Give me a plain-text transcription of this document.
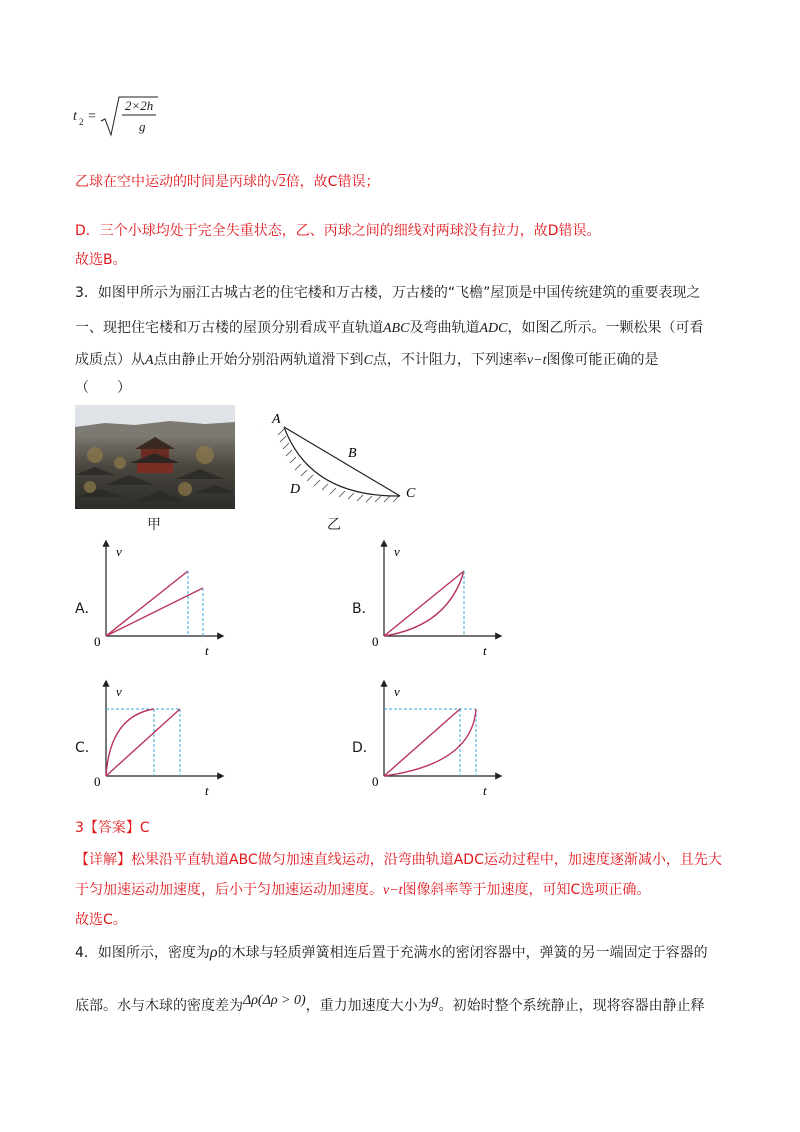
t 2 =
2×2h
g
乙球在空中运动的时间是丙球的√2倍，故C错误；
D．三个小球均处于完全失重状态，乙、丙球之间的细线对两球没有拉力，故D错误。
故选B。
3．如图甲所示为丽江古城古老的住宅楼和万古楼，万古楼的“飞檐”屋顶是中国传统建筑的重要表现之
一、现把住宅楼和万古楼的屋顶分别看成平直轨道ABC及弯曲轨道ADC，如图乙所示。一颗松果（可看
成质点）从A点由静止开始分别沿两轨道滑下到C点，不计阻力，下列速率v−t图像可能正确的是
（　　）
甲
A
B
C
D
乙
A．	B．
C．	D．
v
t
0
v
t
0
v
t
0
v
t
0
3【答案】C
【详解】松果沿平直轨道ABC做匀加速直线运动，沿弯曲轨道ADC运动过程中，加速度逐渐减小，且先大
于匀加速运动加速度，后小于匀加速运动加速度。v−t图像斜率等于加速度，可知C选项正确。
故选C。
4．如图所示，密度为ρ的木球与轻质弹簧相连后置于充满水的密闭容器中，弹簧的另一端固定于容器的
底部。水与木球的密度差为Δρ(Δρ > 0)，重力加速度大小为g。初始时整个系统静止，现将容器由静止释
